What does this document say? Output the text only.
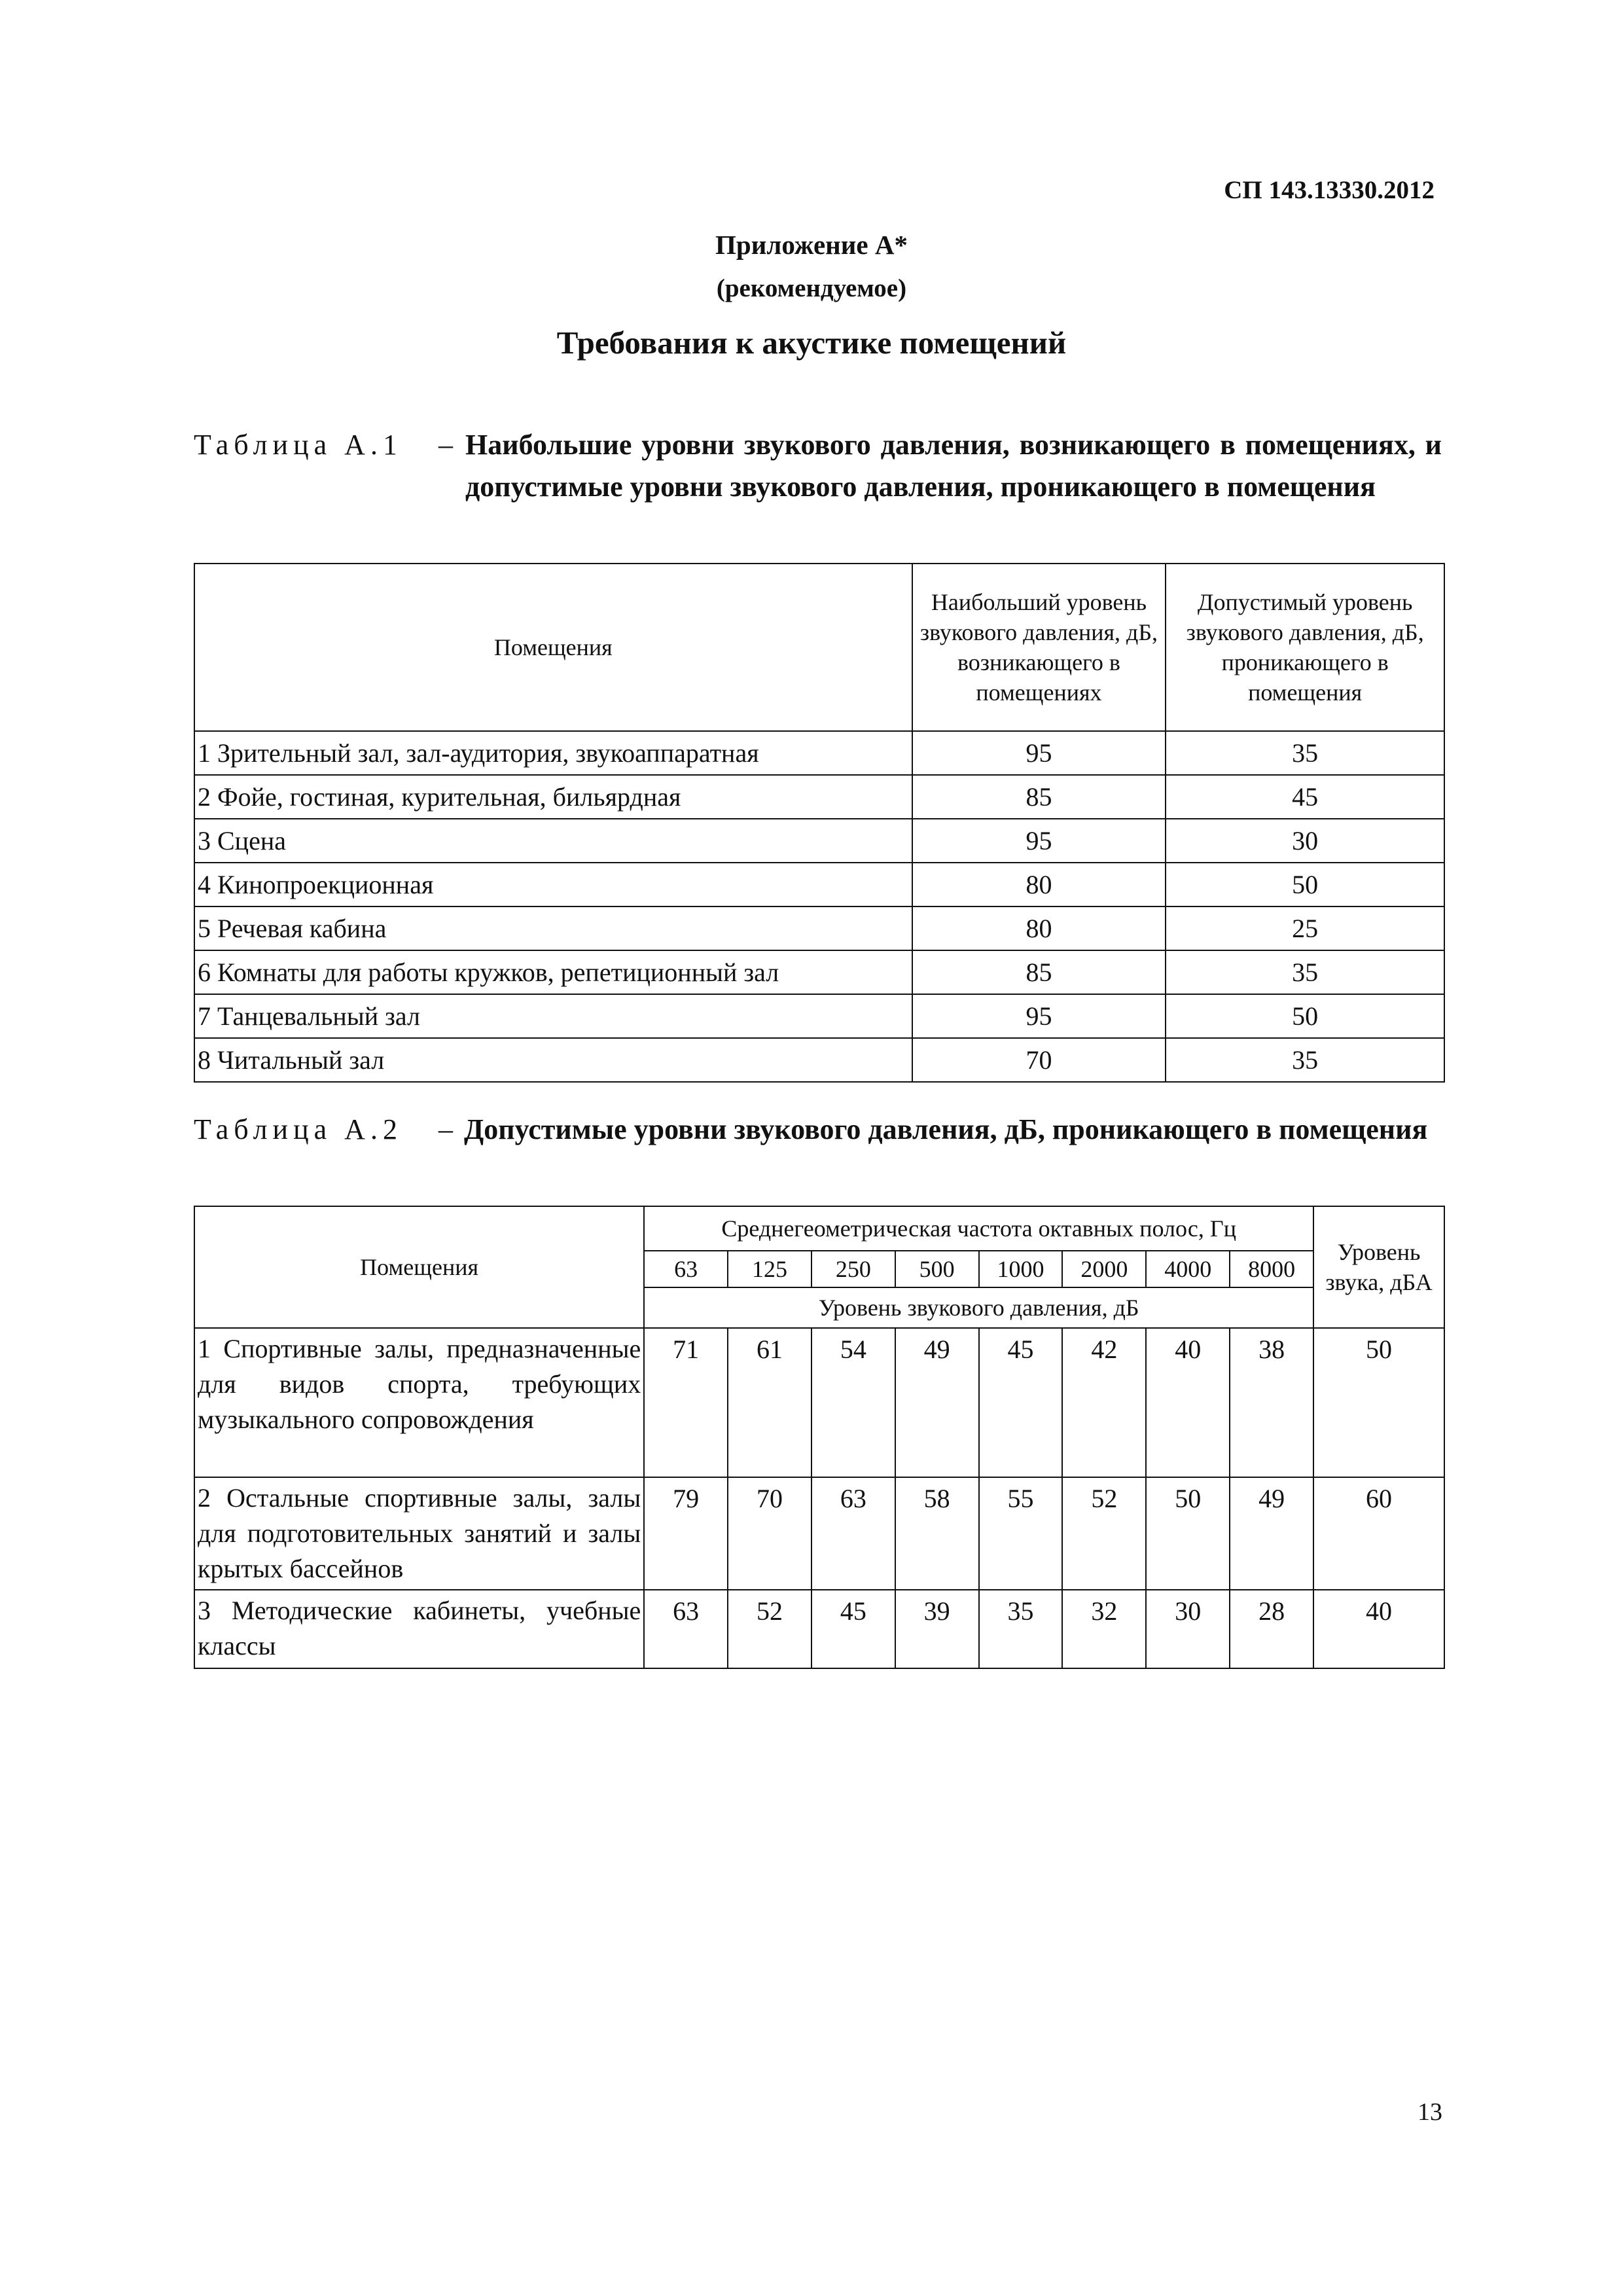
СП 143.13330.2012
Приложение А*
(рекомендуемое)
Требования к акустике помещений
Таблица А.1 – Наибольшие уровни звукового давления, возникающего в помещениях, и допустимые уровни звукового давления, проникающего в помещения
Помещения	Наибольший уровень звукового давления, дБ, возникающего в помещениях	Допустимый уровень звукового давления, дБ, проникающего в помещения
1 Зрительный зал, зал-аудитория, звукоаппаратная	95	35
2 Фойе, гостиная, курительная, бильярдная	85	45
3 Сцена	95	30
4 Кинопроекционная	80	50
5 Речевая кабина	80	25
6 Комнаты для работы кружков, репетиционный зал	85	35
7 Танцевальный зал	95	50
8 Читальный зал	70	35
Таблица А.2 – Допустимые уровни звукового давления, дБ, проникающего в помещения
Помещения	Среднегеометрическая частота октавных полос, Гц								Уровень звука, дБА
	63	125	250	500	1000	2000	4000	8000	
	Уровень звукового давления, дБ								
1 Спортивные залы, предназначенные для видов спорта, требующих музыкального сопровождения	71	61	54	49	45	42	40	38	50
2 Остальные спортивные залы, залы для подготовительных занятий и залы крытых бассейнов	79	70	63	58	55	52	50	49	60
3 Методические кабинеты, учебные классы	63	52	45	39	35	32	30	28	40
13
